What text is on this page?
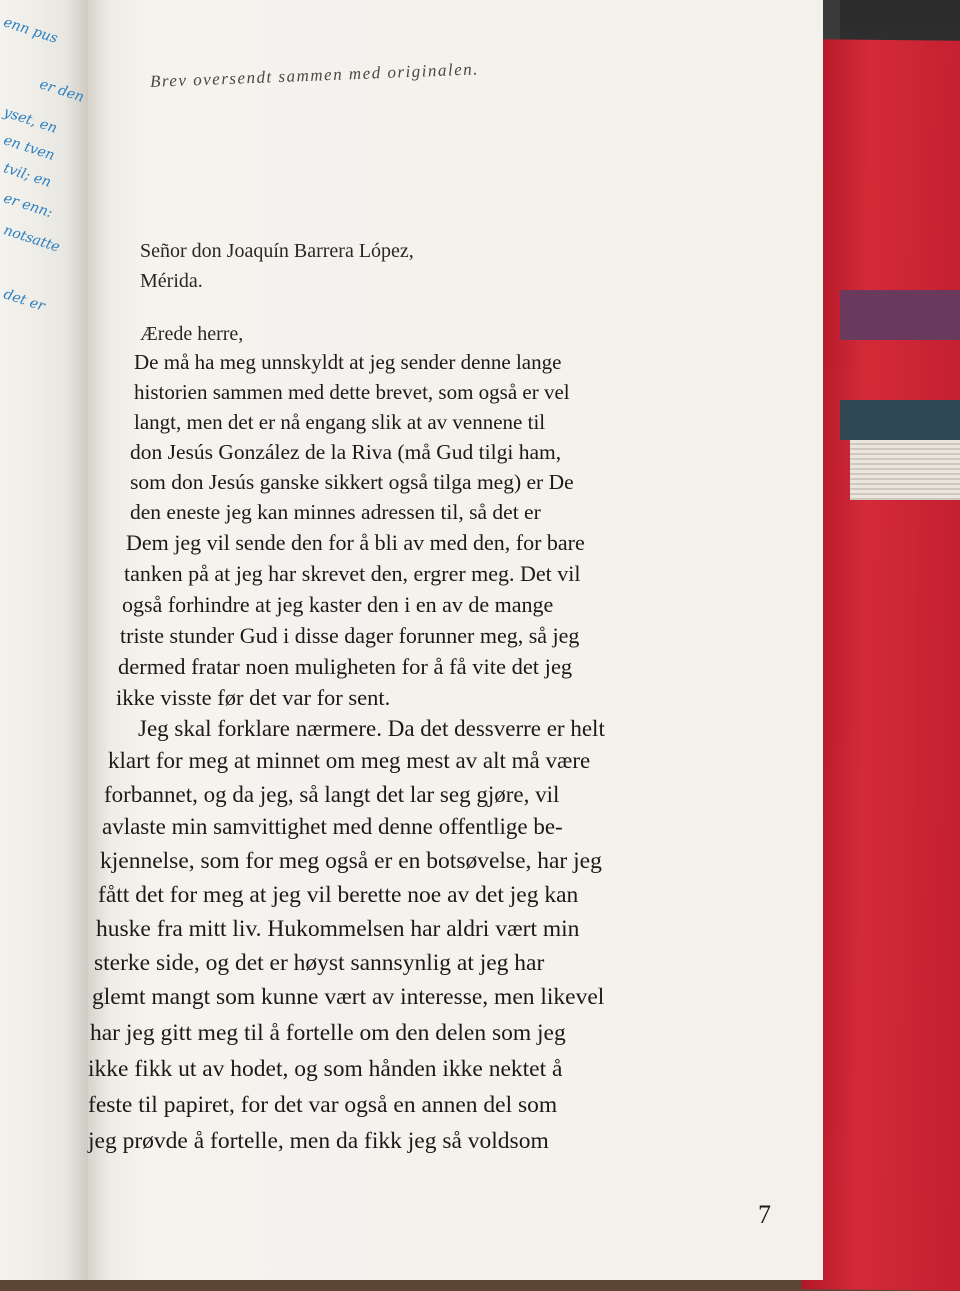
enn pus
er den
yset, en
en tven
tvil; en
er enn:
notsatte
det er
Brev oversendt sammen med originalen.
Señor don Joaquín Barrera López,
Mérida.
Ærede herre,
De må ha meg unnskyldt at jeg sender denne lange
historien sammen med dette brevet, som også er vel
langt, men det er nå engang slik at av vennene til
don Jesús González de la Riva (må Gud tilgi ham,
som don Jesús ganske sikkert også tilga meg) er De
den eneste jeg kan minnes adressen til, så det er
Dem jeg vil sende den for å bli av med den, for bare
tanken på at jeg har skrevet den, ergrer meg. Det vil
også forhindre at jeg kaster den i en av de mange
triste stunder Gud i disse dager forunner meg, så jeg
dermed fratar noen muligheten for å få vite det jeg
ikke visste før det var for sent.
Jeg skal forklare nærmere. Da det dessverre er helt
klart for meg at minnet om meg mest av alt må være
forbannet, og da jeg, så langt det lar seg gjøre, vil
avlaste min samvittighet med denne offentlige be-
kjennelse, som for meg også er en botsøvelse, har jeg
fått det for meg at jeg vil berette noe av det jeg kan
huske fra mitt liv. Hukommelsen har aldri vært min
sterke side, og det er høyst sannsynlig at jeg har
glemt mangt som kunne vært av interesse, men likevel
har jeg gitt meg til å fortelle om den delen som jeg
ikke fikk ut av hodet, og som hånden ikke nektet å
feste til papiret, for det var også en annen del som
jeg prøvde å fortelle, men da fikk jeg så voldsom
7
